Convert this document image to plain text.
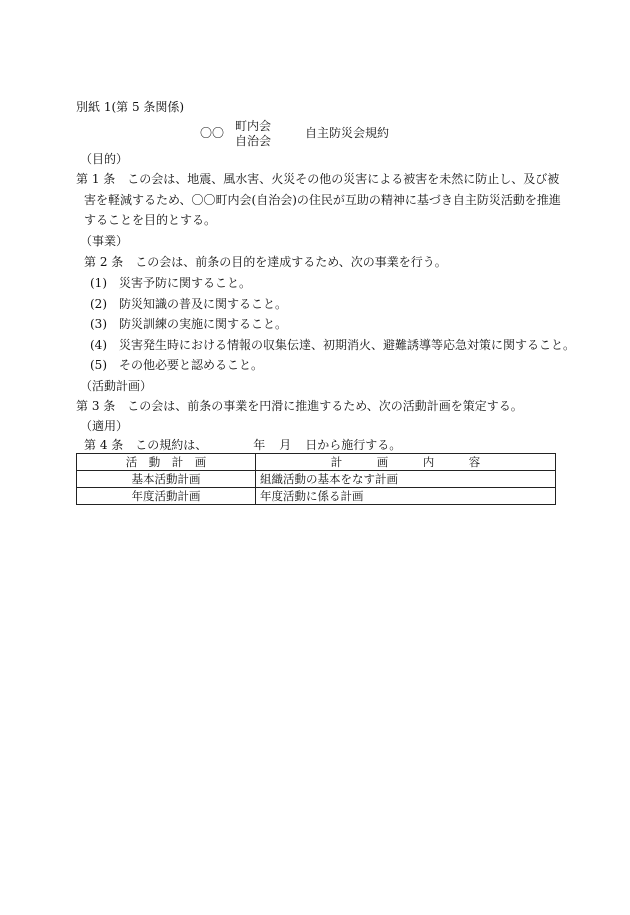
別紙 1(第 5 条関係)
〇〇 町内会
自治会
自主防災会規約
（目的）
第 1 条　この会は、地震、風水害、火災その他の災害による被害を未然に防止し、及び被
害を軽減するため、〇〇町内会(自治会)の住民が互助の精神に基づき自主防災活動を推進
することを目的とする。
（事業）
第 2 条　この会は、前条の目的を達成するため、次の事業を行う。
(1)　災害予防に関すること。
(2)　防災知識の普及に関すること。
(3)　防災訓練の実施に関すること。
(4)　災害発生時における情報の収集伝達、初期消火、避難誘導等応急対策に関すること。
(5)　その他必要と認めること。
（活動計画）
第 3 条　この会は、前条の事業を円滑に推進するため、次の活動計画を策定する。
（適用）
第 4 条　この規約は、	年 月 日から施行する。
活　動　計　画	計　　　画　　　内　　　容
基本活動計画	組織活動の基本をなす計画
年度活動計画	年度活動に係る計画
